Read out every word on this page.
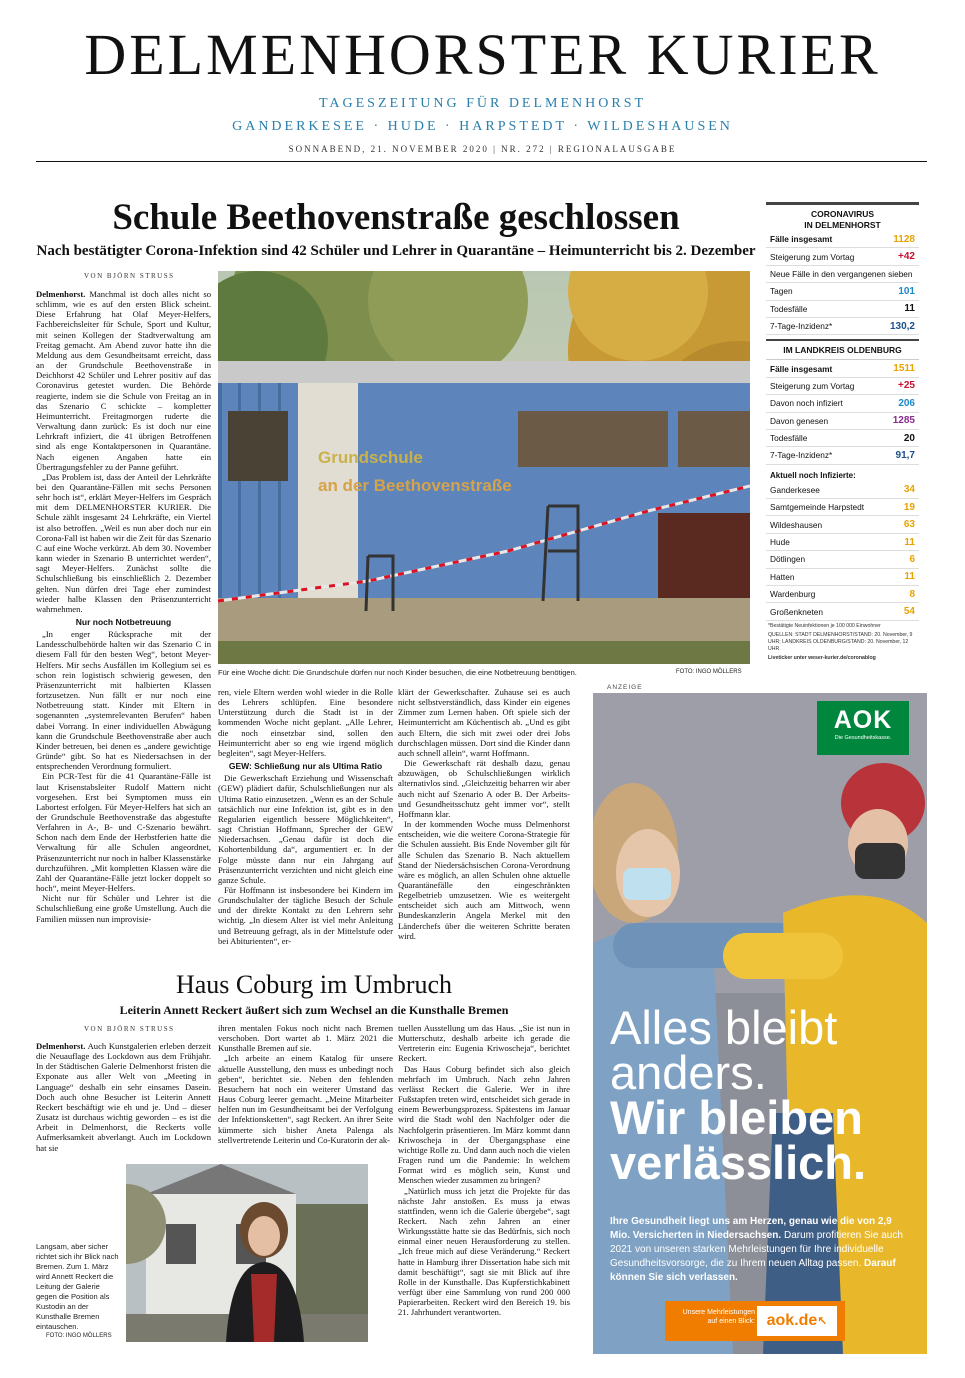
DELMENHORSTER KURIER
TAGESZEITUNG FÜR DELMENHORST
GANDERKESEE · HUDE · HARPSTEDT · WILDESHAUSEN
SONNABEND, 21. NOVEMBER 2020 | NR. 272 | REGIONALAUSGABE
Schule Beethovenstraße geschlossen
Nach bestätigter Corona-Infektion sind 42 Schüler und Lehrer in Quarantäne – Heimunterricht bis 2. Dezember
VON BJÖRN STRUSS

Delmenhorst. Manchmal ist doch alles nicht so schlimm, wie es auf den ersten Blick scheint. Diese Erfahrung hat Olaf Meyer-Helfers, Fachbereichsleiter für Schule, Sport und Kultur, mit seinen Kollegen der Stadtverwaltung am Freitag gemacht. Am Abend zuvor hatte ihn die Meldung aus dem Gesundheitsamt erreicht, dass an der Grundschule Beethovenstraße in Deichhorst 42 Schüler und Lehrer positiv auf das Coronavirus getestet wurden. Die Behörde reagierte, indem sie die Schule von Freitag an in das Szenario C schickte – kompletter Heimunterricht. Freitagmorgen ruderte die Verwaltung dann zurück: Es ist doch nur eine Lehrkraft infiziert, die 41 übrigen Betroffenen sind als enge Kontaktpersonen in Quarantäne. Nach eigenen Angaben hatte ein Übertragungsfehler zu der Panne geführt.

„Das Problem ist, dass der Anteil der Lehrkräfte bei den Quarantäne-Fällen mit sechs Personen sehr hoch ist“, erklärt Meyer-Helfers im Gespräch mit dem DELMENHORSTER KURIER. Die Schule zählt insgesamt 24 Lehrkräfte, ein Viertel ist also betroffen. „Weil es nun aber doch nur ein Corona-Fall ist haben wir die Zeit für das Szenario C auf eine Woche verkürzt. Ab dem 30. November kann wieder in Szenario B unterrichtet werden“, sagt Meyer-Helfers. Zunächst sollte die Schulschließung bis einschließlich 2. Dezember gelten. Nun dürfen drei Tage eher zumindest wieder halbe Klassen den Präsenzunterricht wahrnehmen.

Nur noch Notbetreuung

„In enger Rücksprache mit der Landesschulbehörde halten wir das Szenario C in diesem Fall für den besten Weg“, betont Meyer-Helfers. Mir sechs Ausfällen im Kollegium sei es schon rein logistisch schwierig gewesen, den Präsenzunterricht mit halbierten Klassen fortzusetzen. Nun fällt er nur noch eine Notbetreuung statt. Kinder mit Eltern in sogenannten „systemrelevanten Berufen“ haben dabei Vorrang. In einer individuellen Abwägung kann die Grundschule Beethovenstraße aber auch Kinder betreuen, bei denen es „andere gewichtige Gründe“ gibt. So hat es Niedersachsen in der entsprechenden Verordnung formuliert.

Ein PCR-Test für die 41 Quarantäne-Fälle ist laut Krisenstabsleiter Rudolf Mattern nicht vorgesehen. Erst bei Symptomen muss ein Labortest erfolgen. Für Meyer-Helfers hat sich an der Grundschule Beethovenstraße das abgestufte Verfahren in A-, B- und C-Szenario bewährt. Schon nach dem Ende der Herbstferien hatte die Verwaltung für alle Schulen angeordnet, Präsenzunterricht nur noch in halber Klassenstärke durchzuführen. „Mit kompletten Klassen wäre die Zahl der Quarantäne-Fälle jetzt locker doppelt so hoch“, meint Meyer-Helfers.

Nicht nur für Schüler und Lehrer ist die Schulschließung eine große Umstellung. Auch die Familien müssen nun improvisie-

Grundschule
an der Beethovenstraße
Für eine Woche dicht: Die Grundschule dürfen nur noch Kinder besuchen, die eine Notbetreuung benötigen.	FOTO: INGO MÖLLERS

ren, viele Eltern werden wohl wieder in die Rolle des Lehrers schlüpfen. Eine besondere Unterstützung durch die Stadt ist in der kommenden Woche nicht geplant. „Alle Lehrer, die noch einsetzbar sind, sollen den Heimunterricht aber so eng wie irgend möglich begleiten“, sagt Meyer-Helfers.

GEW: Schließung nur als Ultima Ratio

Die Gewerkschaft Erziehung und Wissenschaft (GEW) plädiert dafür, Schulschließungen nur als Ultima Ratio einzusetzen. „Wenn es an der Schule tatsächlich nur eine Infektion ist, gibt es in den Regularien eigentlich bessere Möglichkeiten“, sagt Christian Hoffmann, Sprecher der GEW Niedersachsen. „Genau dafür ist doch die Kohortenbildung da“, argumentiert er. In der Folge müsste dann nur ein Jahrgang auf Präsenzunterricht verzichten und nicht gleich eine ganze Schule.

Für Hoffmann ist insbesondere bei Kindern im Grundschulalter der tägliche Besuch der Schule und der direkte Kontakt zu den Lehrern sehr wichtig. „In diesem Alter ist viel mehr Anleitung und Betreuung gefragt, als in der Mittelstufe oder bei Abiturienten“, er-

klärt der Gewerkschafter. Zuhause sei es auch nicht selbstverständlich, dass Kinder ein eigenes Zimmer zum Lernen haben. Oft spiele sich der Heimunterricht am Küchentisch ab. „Und es gibt auch Eltern, die sich mit zwei oder drei Jobs durchschlagen müssen. Dort sind die Kinder dann auch schnell allein“, warnt Hoffmann.

Die Gewerkschaft rät deshalb dazu, genau abzuwägen, ob Schulschließungen wirklich alternativlos sind. „Gleichzeitig beharren wir aber auch nicht auf Szenario A oder B. Der Arbeits- und Gesundheitsschutz geht immer vor“, stellt Hoffmann klar.

In der kommenden Woche muss Delmenhorst entscheiden, wie die weitere Corona-Strategie für die Schulen aussieht. Bis Ende November gilt für alle Schulen das Szenario B. Nach aktuellem Stand der Niedersächsischen Corona-Verordnung wäre es möglich, an allen Schulen ohne aktuelle Quarantänefälle den eingeschränkten Regelbetrieb umzusetzen. Wie es weitergeht entscheidet sich auch am Mittwoch, wenn Bundeskanzlerin Angela Merkel mit den Länderchefs über die weiteren Schritte beraten wird.

CORONAVIRUS
IN DELMENHORST
Fälle insgesamt	1128
Steigerung zum Vortag	+42
Neue Fälle in den vergangenen sieben
Tagen	101
Todesfälle	11
7-Tage-Inzidenz*	130,2
IM LANDKREIS OLDENBURG
Fälle insgesamt	1511
Steigerung zum Vortag	+25
Davon noch infiziert	206
Davon genesen	1285
Todesfälle	20
7-Tage-Inzidenz*	91,7
Aktuell noch Infizierte:
Ganderkesee	34
Samtgemeinde Harpstedt	19
Wildeshausen	63
Hude	11
Dötlingen	6
Hatten	11
Wardenburg	8
Großenkneten	54
*Bestätigte Neuinfektionen je 100 000 Einwohner
QUELLEN: STADT DELMENHORST/STAND: 20. November, 9 UHR; LANDKREIS OLDENBURG/STAND: 20. November, 12 UHR
Liveticker unter weser-kurier.de/coronablog
Haus Coburg im Umbruch
Leiterin Annett Reckert äußert sich zum Wechsel an die Kunsthalle Bremen
VON BJÖRN STRUSS

Delmenhorst. Auch Kunstgalerien erleben derzeit die Neuauflage des Lockdown aus dem Frühjahr. In der Städtischen Galerie Delmenhorst fristen die Exponate aus aller Welt von „Meeting in Language“ deshalb ein sehr einsames Dasein. Doch auch ohne Besucher ist Leiterin Annett Reckert beschäftigt wie eh und je. Und – dieser Zusatz ist durchaus wichtig geworden – es ist die Arbeit in Delmenhorst, die Reckerts volle Aufmerksamkeit abverlangt. Auch im Lockdown hat sie

ihren mentalen Fokus noch nicht nach Bremen verschoben. Dort wartet ab 1. März 2021 die Kunsthalle Bremen auf sie.

„Ich arbeite an einem Katalog für unsere aktuelle Ausstellung, den muss es unbedingt noch geben“, berichtet sie. Neben den fehlenden Besuchern hat noch ein weiterer Umstand das Haus Coburg leerer gemacht. „Meine Mitarbeiter helfen nun im Gesundheitsamt bei der Verfolgung der Infektionsketten“, sagt Reckert. An ihrer Seite kümmerte sich bisher Aneta Palenga als stellvertretende Leiterin und Co-Kuratorin der ak-

tuellen Ausstellung um das Haus. „Sie ist nun in Mutterschutz, deshalb arbeite ich gerade die Vertreterin ein: Eugenia Kriwoscheja“, berichtet Reckert.

Das Haus Coburg befindet sich also gleich mehrfach im Umbruch. Nach zehn Jahren verlässt Reckert die Galerie. Wer in ihre Fußstapfen treten wird, entscheidet sich gerade in einem Bewerbungsprozess. Spätestens im Januar wird die Stadt wohl den Nachfolger oder die Nachfolgerin präsentieren. Im März kommt dann Kriwoscheja in der Übergangsphase eine wichtige Rolle zu. Und dann auch noch die vielen Fragen rund um die Pandemie: In welchem Format wird es möglich sein, Kunst und Menschen wieder zusammen zu bringen?

„Natürlich muss ich jetzt die Projekte für das nächste Jahr anstoßen. Es muss ja etwas stattfinden, wenn ich die Galerie übergebe“, sagt Reckert. Nach zehn Jahren an einer Wirkungsstätte hatte sie das Bedürfnis, sich noch einmal einer neuen Herausforderung zu stellen. „Ich freue mich auf diese Veränderung.“ Reckert hatte in Hamburg ihrer Dissertation habe sich mit damit beschäftigt“, sagt sie mit Blick auf ihre Rolle in der Kunsthalle. Das Kupferstichkabinett verfügt über eine Sammlung von rund 200 000 Papierarbeiten. Reckert wird den Bereich 19. bis 21. Jahrhundert verantworten.

Langsam, aber sicher richtet sich ihr Blick nach Bremen. Zum 1. März wird Annett Reckert die Leitung der Galerie gegen die Position als Kustodin an der Kunsthalle Bremen eintauschen.
FOTO: INGO MÖLLERS
ANZEIGE
AOK
Die Gesundheitskasse.
Alles bleibt
anders.
Wir bleiben
verlässlich.
Ihre Gesundheit liegt uns am Herzen, genau wie die von 2,9 Mio. Versicherten in Niedersachsen. Darum profitieren Sie auch 2021 von unseren starken Mehrleistungen für Ihre individuelle Gesundheitsvorsorge, die zu Ihrem neuen Alltag passen. Darauf können Sie sich verlassen.
Unsere Mehrleistungen auf einen Blick: aok.de↖
